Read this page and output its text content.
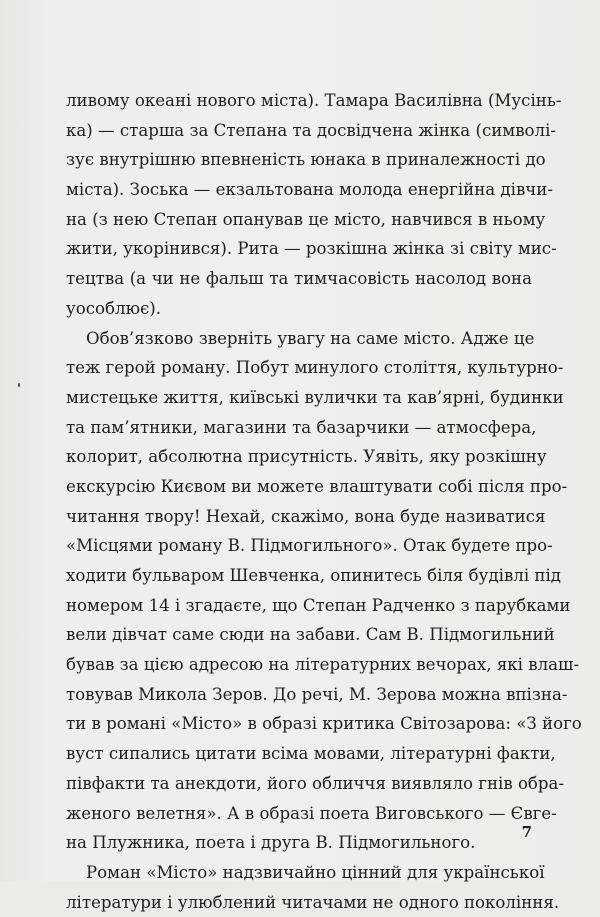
ливому океані нового міста). Тамара Василівна (Мусінь-
ка) — старша за Степана та досвідчена жінка (символі-
зує внутрішню впевненість юнака в приналежності до
міста). Зоська — екзальтована молода енергійна дівчи-
на (з нею Степан опанував це місто, навчився в ньому
жити, укорінився). Рита — розкішна жінка зі світу мис-
тецтва (а чи не фальш та тимчасовість насолод вона
уособлює).
Обов’язково зверніть увагу на саме місто. Адже це
теж герой роману. Побут минулого століття, культурно-
мистецьке життя, київські вулички та кав’ярні, будинки
та пам’ятники, магазини та базарчики — атмосфера,
колорит, абсолютна присутність. Уявіть, яку розкішну
екскурсію Києвом ви можете влаштувати собі після про-
читання твору! Нехай, скажімо, вона буде називатися
«Місцями роману В. Підмогильного». Отак будете про-
ходити бульваром Шевченка, опинитесь біля будівлі під
номером 14 і згадаєте, що Степан Радченко з парубками
вели дівчат саме сюди на забави. Сам В. Підмогильний
бував за цією адресою на літературних вечорах, які влаш-
товував Микола Зеров. До речі, М. Зерова можна впізна-
ти в романі «Місто» в образі критика Світозарова: «З його
вуст сипались цитати всіма мовами, літературні факти,
півфакти та анекдоти, його обличчя виявляло гнів обра-
женого велетня». А в образі поета Виговського — Євге-
на Плужника, поета і друга В. Підмогильного.
Роман «Місто» надзвичайно цінний для української
літератури і улюблений читачами не одного покоління.
7
